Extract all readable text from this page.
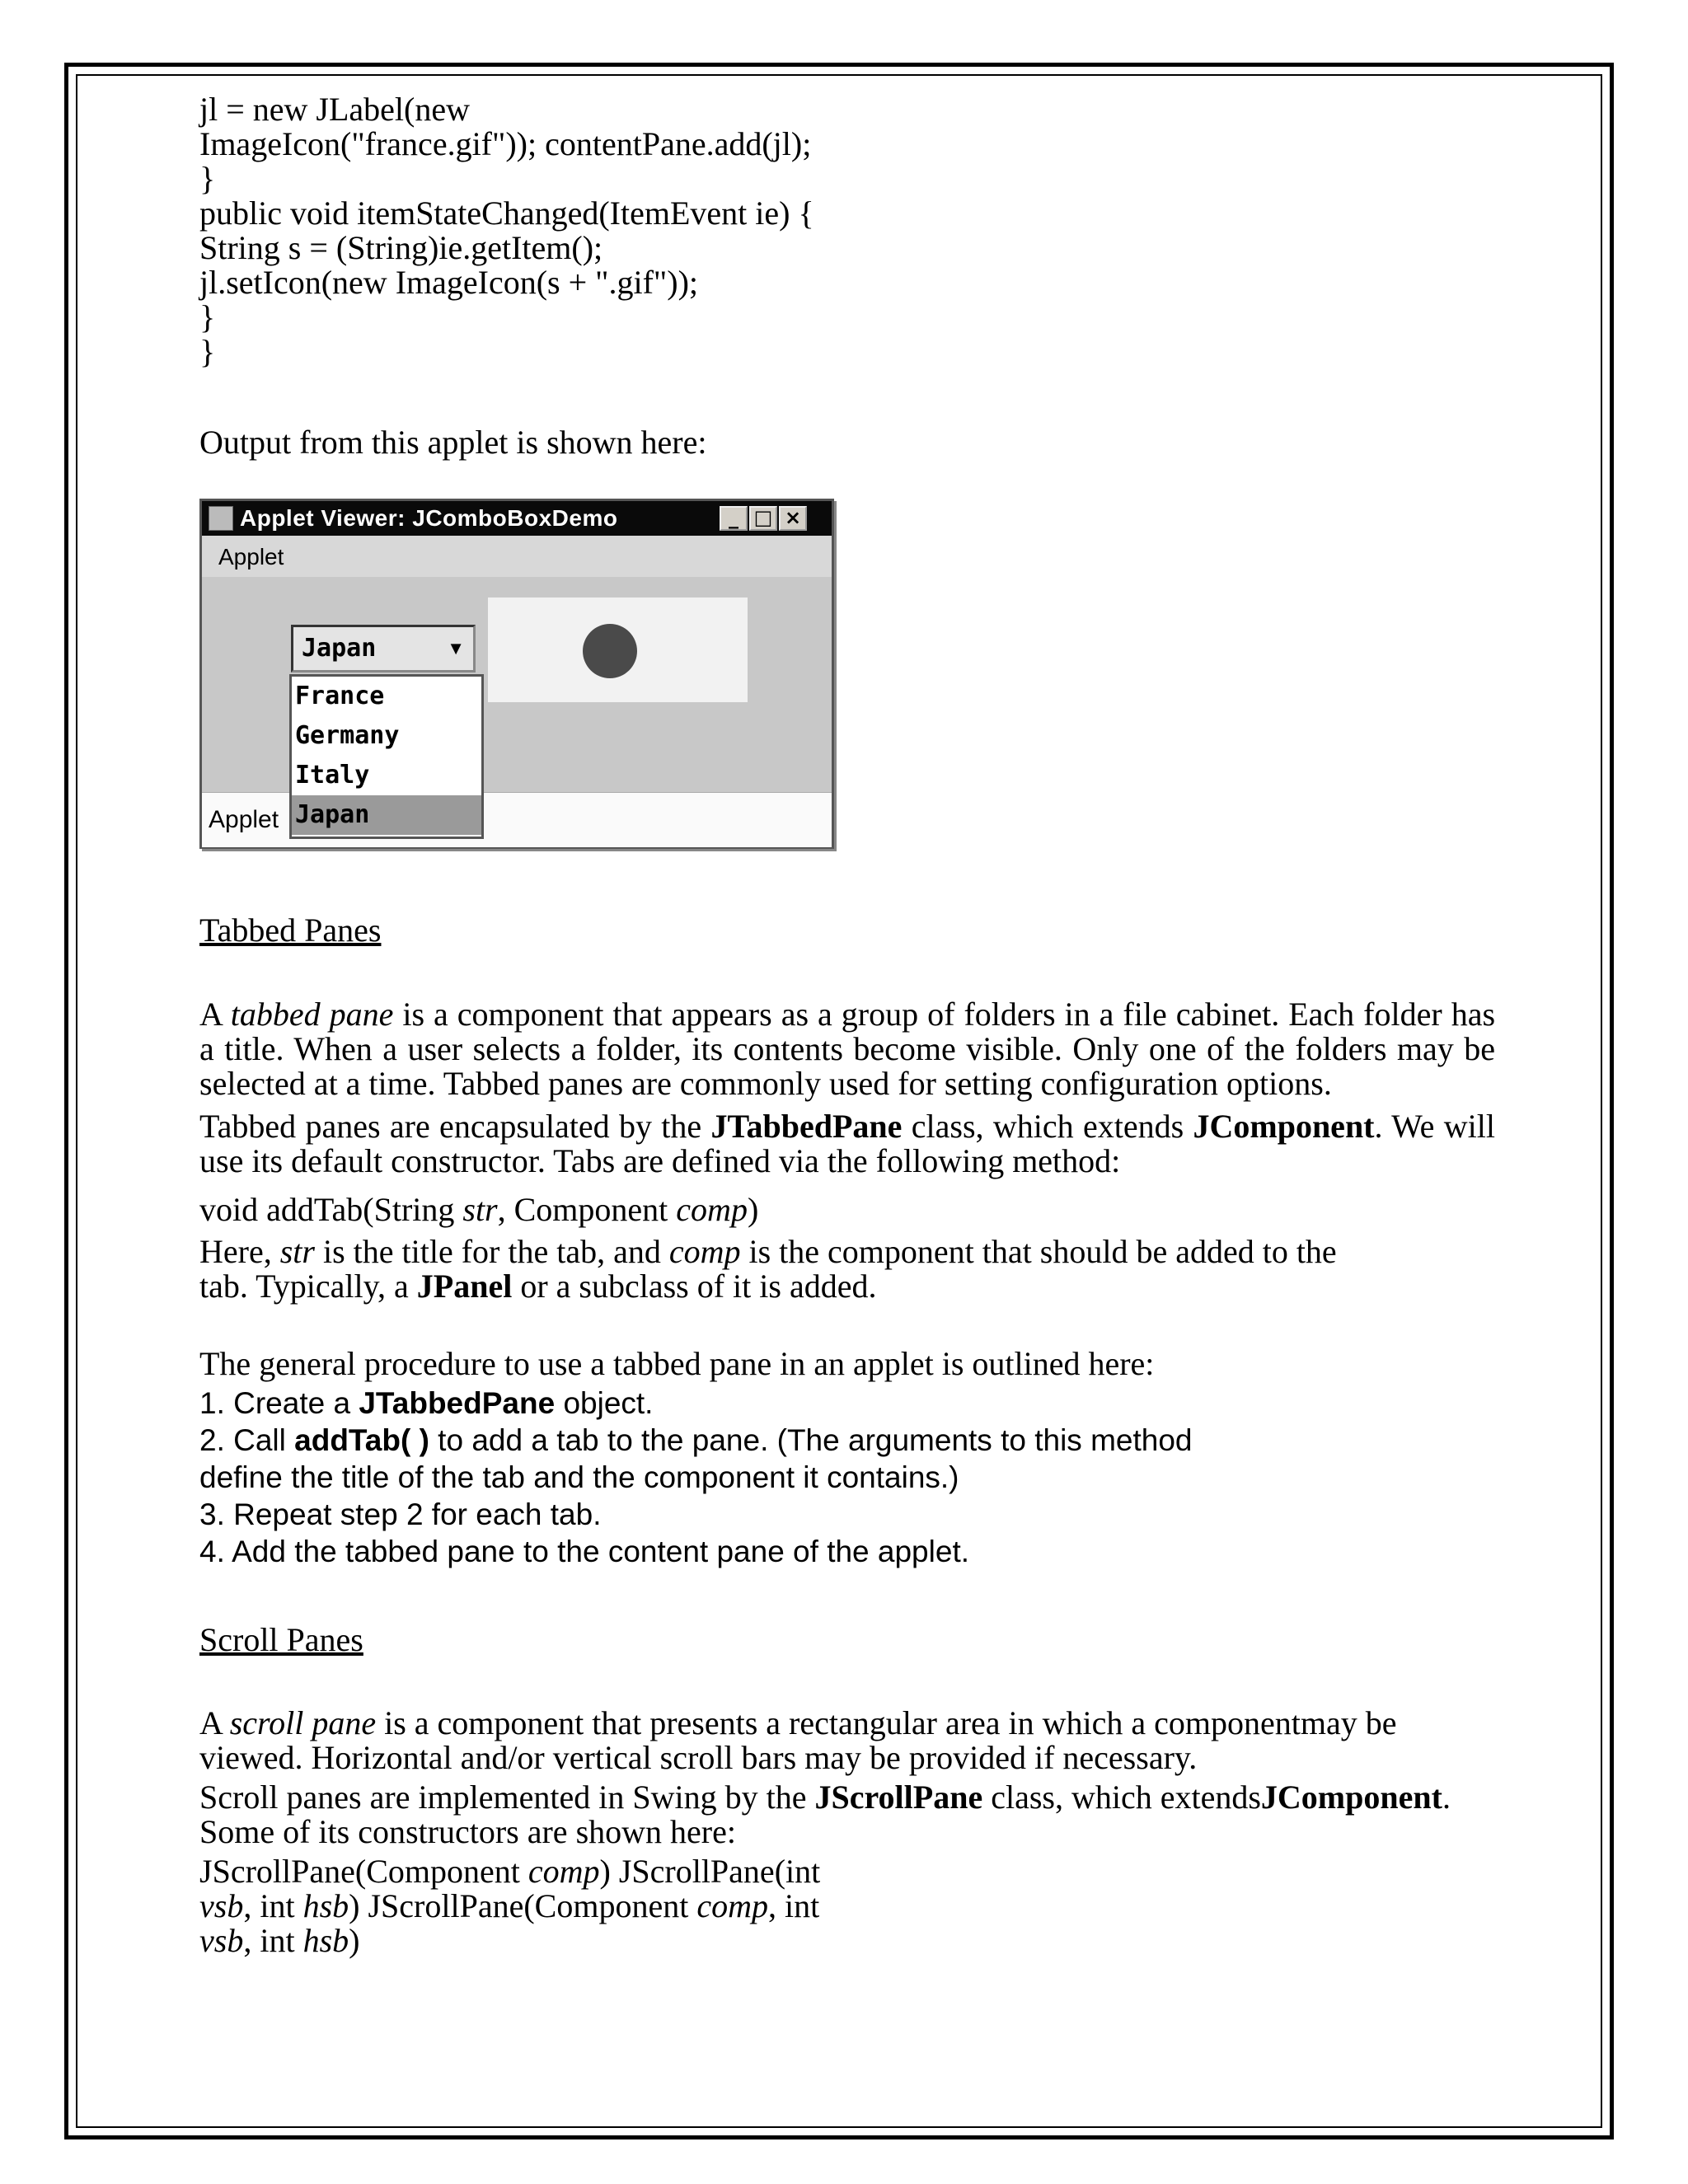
jl = new JLabel(new

ImageIcon("france.gif")); contentPane.add(jl);

}

public void itemStateChanged(ItemEvent ie) {

String s = (String)ie.getItem();

jl.setIcon(new ImageIcon(s + ".gif"));

}

}

Output from this applet is shown here:

Applet Viewer: JComboBoxDemo	_ □ ×
Applet
Japan	▼
Applet
France
Germany
Italy
Japan

Tabbed Panes

A tabbed pane is a component that appears as a group of folders in a file cabinet. Each folder has a title. When a user selects a folder, its contents become visible. Only one of the folders may be selected at a time. Tabbed panes are commonly used for setting configuration options.

Tabbed panes are encapsulated by the JTabbedPane class, which extends JComponent. We will use its default constructor. Tabs are defined via the following method:

void addTab(String str, Component comp)

Here, str is the title for the tab, and comp is the component that should be added to the
tab. Typically, a JPanel or a subclass of it is added.

The general procedure to use a tabbed pane in an applet is outlined here:

1. Create a JTabbedPane object.

2. Call addTab( ) to add a tab to the pane. (The arguments to this method
define the title of the tab and the component it contains.)

3. Repeat step 2 for each tab.

4. Add the tabbed pane to the content pane of the applet.

Scroll Panes

A scroll pane is a component that presents a rectangular area in which a componentmay be
viewed. Horizontal and/or vertical scroll bars may be provided if necessary.

Scroll panes are implemented in Swing by the JScrollPane class, which extendsJComponent.
Some of its constructors are shown here:

JScrollPane(Component comp) JScrollPane(int
vsb, int hsb) JScrollPane(Component comp, int
vsb, int hsb)
